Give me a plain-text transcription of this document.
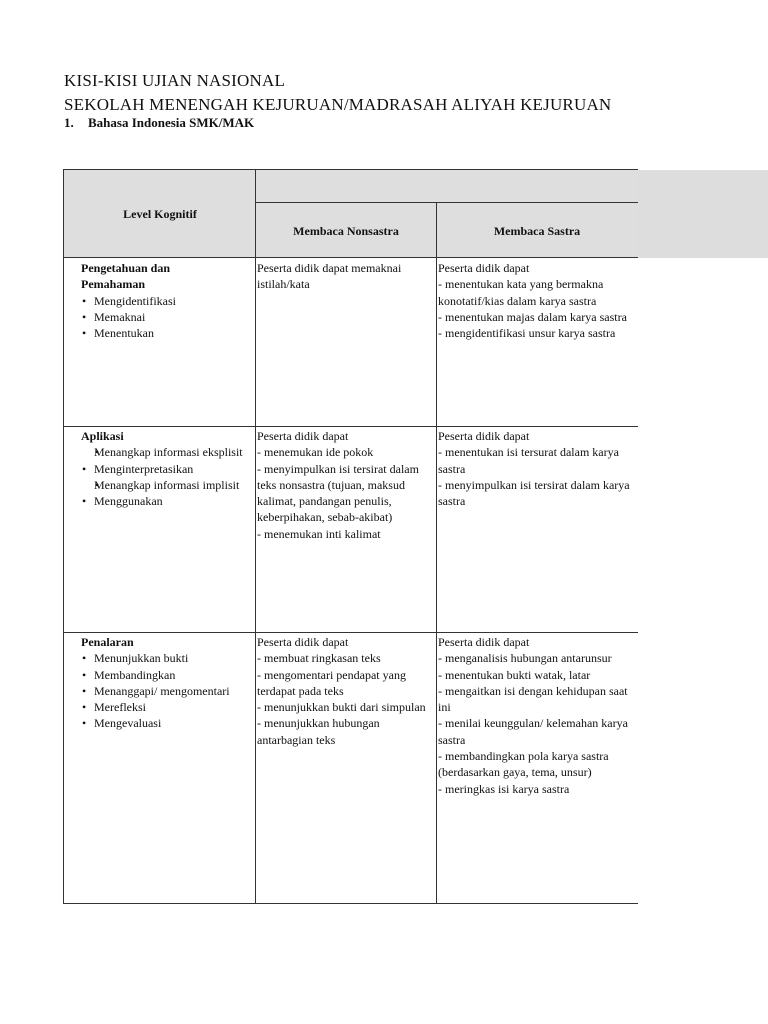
KISI-KISI UJIAN NASIONAL
SEKOLAH MENENGAH KEJURUAN/MADRASAH ALIYAH KEJURUAN
1. Bahasa Indonesia SMK/MAK
Level Kognitif
Membaca Nonsastra	Membaca Sastra

Pengetahuan dan Pemahaman

• Mengidentifikasi
• Memaknai
• Menentukan

Peserta didik dapat memaknai istilah/kata

Peserta didik dapat

- menentukan kata yang bermakna konotatif/kias dalam karya sastra

- menentukan majas dalam karya sastra

- mengidentifikasi unsur karya sastra

Aplikasi

• Menangkap informasi eksplisit
• Menginterpretasikan
• Menangkap informasi implisit
• Menggunakan

Peserta didik dapat

- menemukan ide pokok

- menyimpulkan isi tersirat dalam teks nonsastra (tujuan, maksud kalimat, pandangan penulis, keberpihakan, sebab-akibat)

- menemukan inti kalimat

Peserta didik dapat

- menentukan isi tersurat dalam karya sastra

- menyimpulkan isi tersirat dalam karya sastra

Penalaran

• Menunjukkan bukti
• Membandingkan
• Menanggapi/ mengomentari
• Merefleksi
• Mengevaluasi

Peserta didik dapat

- membuat ringkasan teks

- mengomentari pendapat yang terdapat pada teks

- menunjukkan bukti dari simpulan

- menunjukkan hubungan antarbagian teks

Peserta didik dapat

- menganalisis hubungan antarunsur

- menentukan bukti watak, latar

- mengaitkan isi dengan kehidupan saat ini

- menilai keunggulan/ kelemahan karya sastra

- membandingkan pola karya sastra (berdasarkan gaya, tema, unsur)

- meringkas isi karya sastra
